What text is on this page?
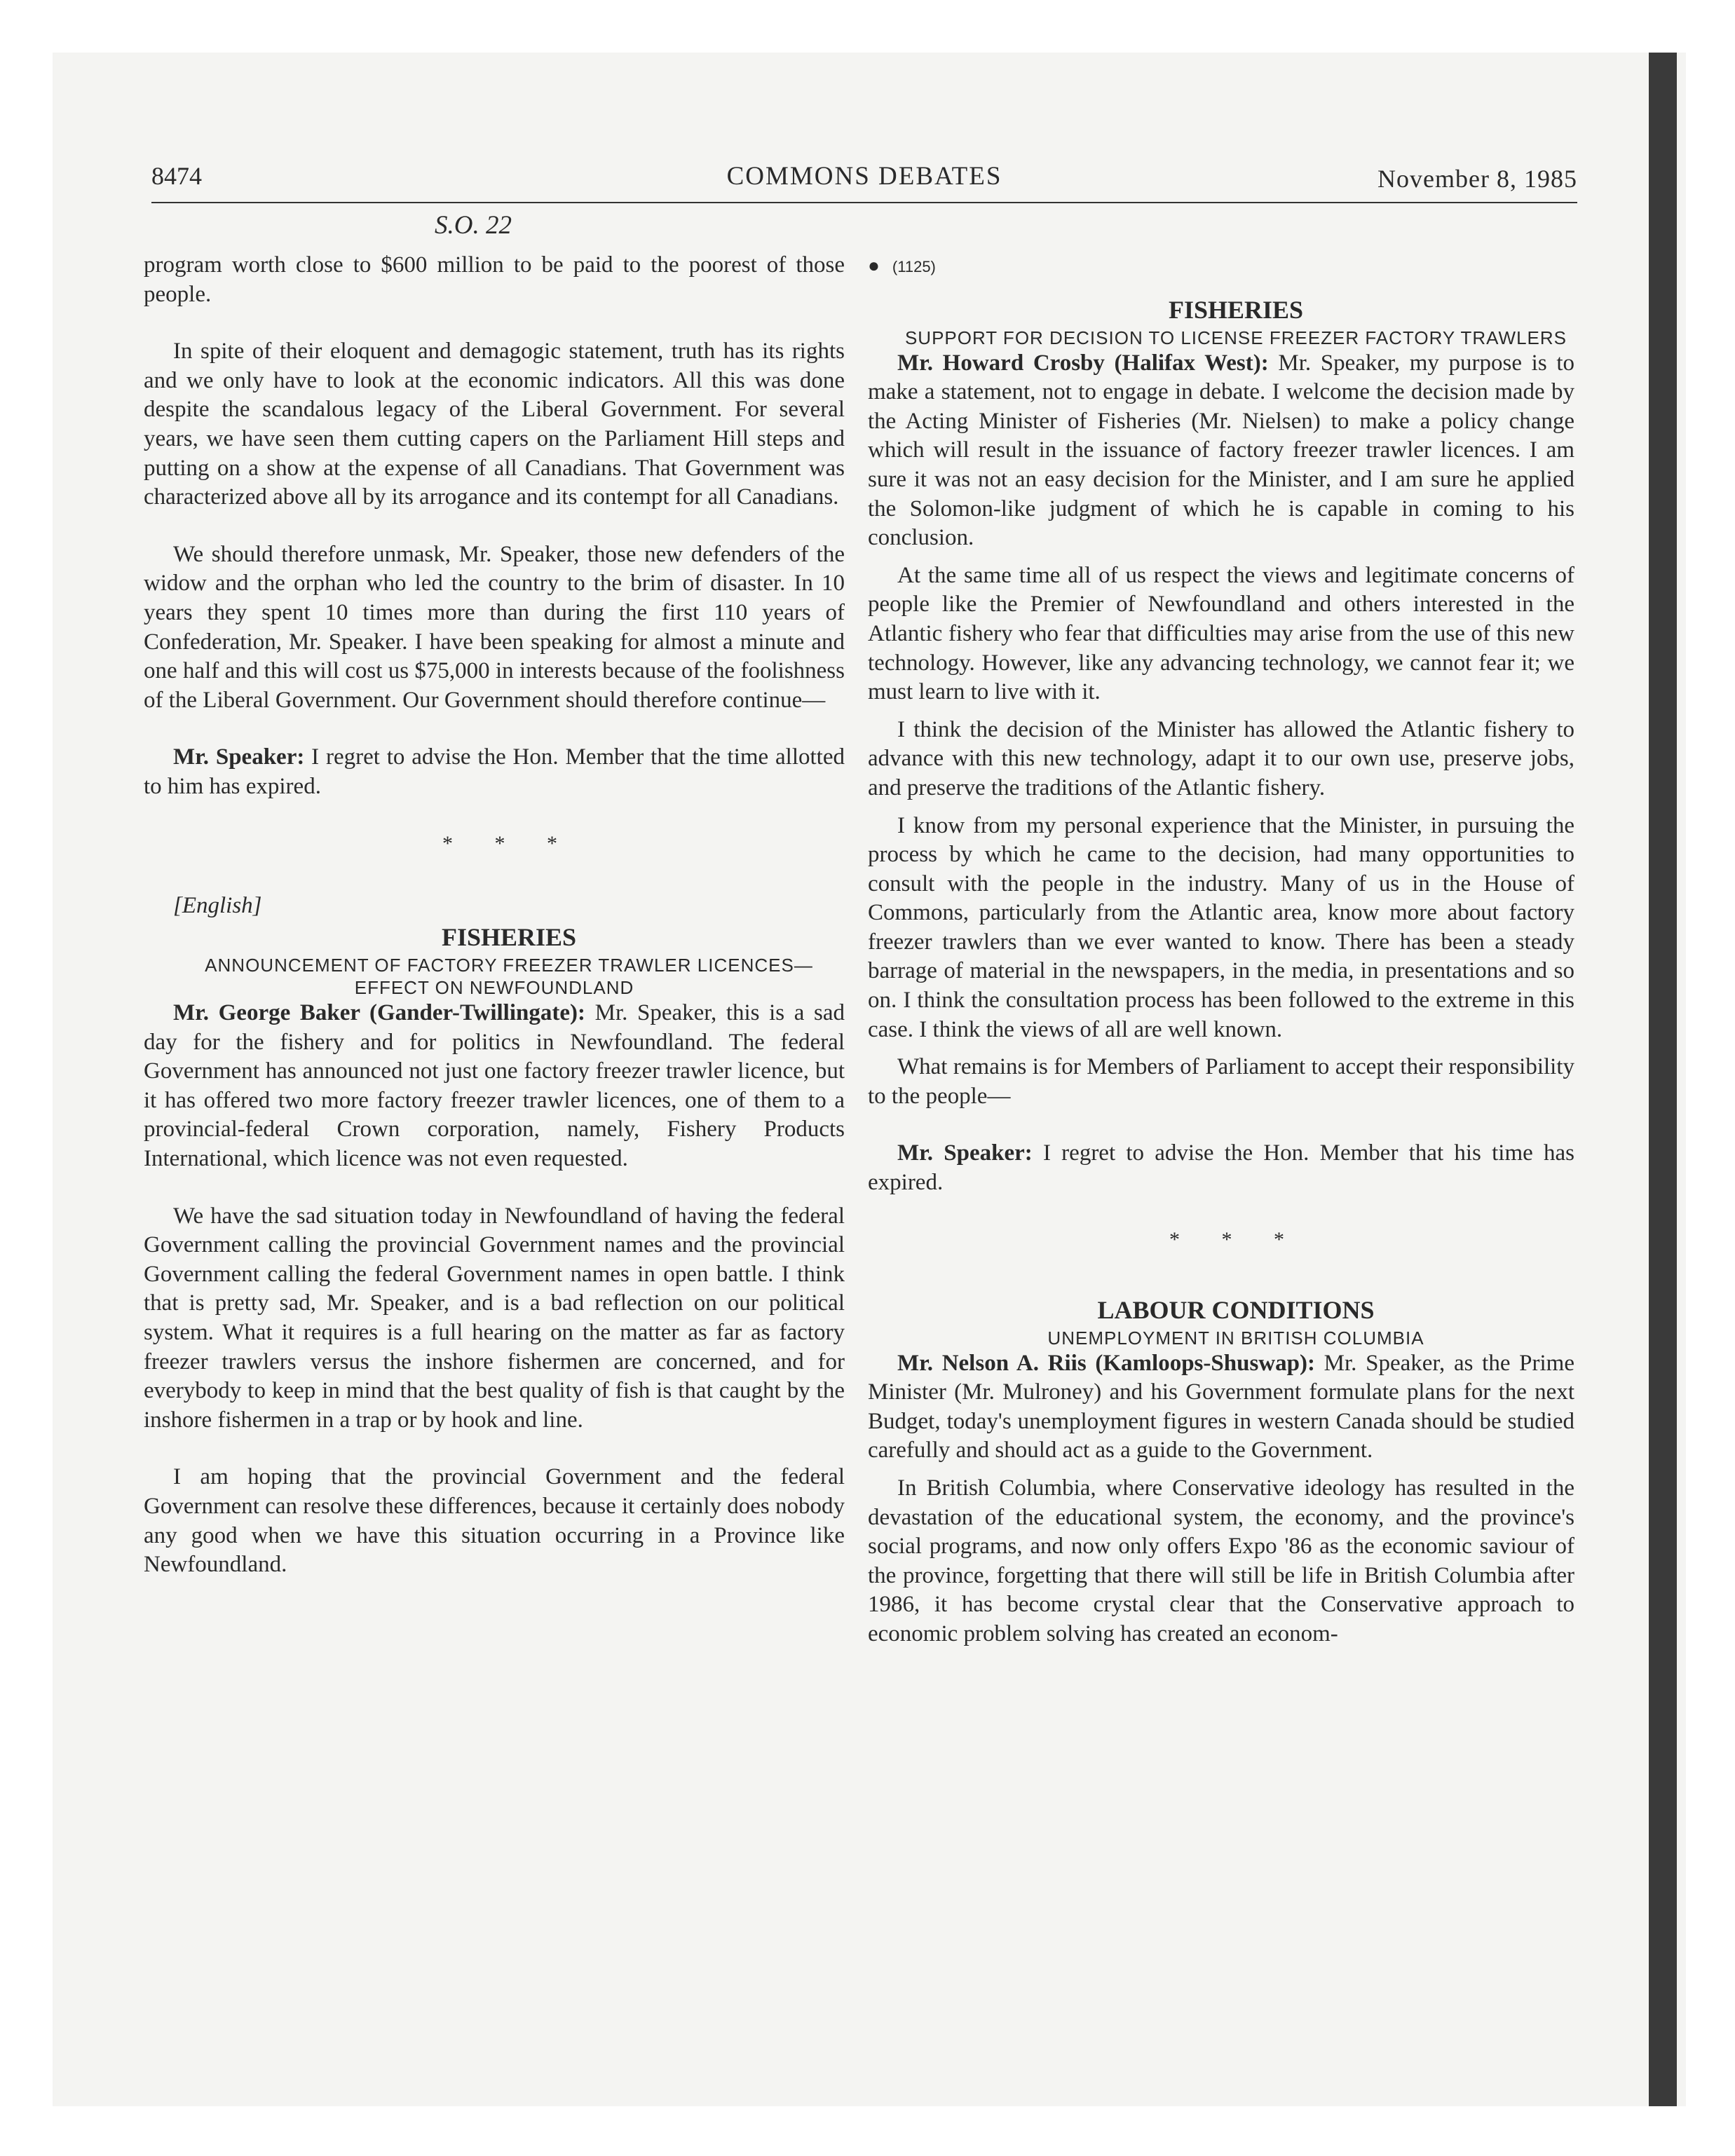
8474	COMMONS DEBATES	November 8, 1985
S.O. 22

program worth close to $600 million to be paid to the poorest of those people.

In spite of their eloquent and demagogic statement, truth has its rights and we only have to look at the economic indicators. All this was done despite the scandalous legacy of the Liberal Government. For several years, we have seen them cutting capers on the Parliament Hill steps and putting on a show at the expense of all Canadians. That Government was characterized above all by its arrogance and its contempt for all Canadians.

We should therefore unmask, Mr. Speaker, those new defenders of the widow and the orphan who led the country to the brim of disaster. In 10 years they spent 10 times more than during the first 110 years of Confederation, Mr. Speaker. I have been speaking for almost a minute and one half and this will cost us $75,000 in interests because of the foolishness of the Liberal Government. Our Government should therefore continue—

Mr. Speaker: I regret to advise the Hon. Member that the time allotted to him has expired.

* * *

[English]

FISHERIES

ANNOUNCEMENT OF FACTORY FREEZER TRAWLER LICENCES—EFFECT ON NEWFOUNDLAND

Mr. George Baker (Gander-Twillingate): Mr. Speaker, this is a sad day for the fishery and for politics in Newfoundland. The federal Government has announced not just one factory freezer trawler licence, but it has offered two more factory freezer trawler licences, one of them to a provincial-federal Crown corporation, namely, Fishery Products International, which licence was not even requested.

We have the sad situation today in Newfoundland of having the federal Government calling the provincial Government names and the provincial Government calling the federal Government names in open battle. I think that is pretty sad, Mr. Speaker, and is a bad reflection on our political system. What it requires is a full hearing on the matter as far as factory freezer trawlers versus the inshore fishermen are concerned, and for everybody to keep in mind that the best quality of fish is that caught by the inshore fishermen in a trap or by hook and line.

I am hoping that the provincial Government and the federal Government can resolve these differences, because it certainly does nobody any good when we have this situation occurring in a Province like Newfoundland.

● (1125)

FISHERIES

SUPPORT FOR DECISION TO LICENSE FREEZER FACTORY TRAWLERS

Mr. Howard Crosby (Halifax West): Mr. Speaker, my purpose is to make a statement, not to engage in debate. I welcome the decision made by the Acting Minister of Fisheries (Mr. Nielsen) to make a policy change which will result in the issuance of factory freezer trawler licences. I am sure it was not an easy decision for the Minister, and I am sure he applied the Solomon-like judgment of which he is capable in coming to his conclusion.

At the same time all of us respect the views and legitimate concerns of people like the Premier of Newfoundland and others interested in the Atlantic fishery who fear that difficulties may arise from the use of this new technology. However, like any advancing technology, we cannot fear it; we must learn to live with it.

I think the decision of the Minister has allowed the Atlantic fishery to advance with this new technology, adapt it to our own use, preserve jobs, and preserve the traditions of the Atlantic fishery.

I know from my personal experience that the Minister, in pursuing the process by which he came to the decision, had many opportunities to consult with the people in the industry. Many of us in the House of Commons, particularly from the Atlantic area, know more about factory freezer trawlers than we ever wanted to know. There has been a steady barrage of material in the newspapers, in the media, in presentations and so on. I think the consultation process has been followed to the extreme in this case. I think the views of all are well known.

What remains is for Members of Parliament to accept their responsibility to the people—

Mr. Speaker: I regret to advise the Hon. Member that his time has expired.

* * *

LABOUR CONDITIONS

UNEMPLOYMENT IN BRITISH COLUMBIA

Mr. Nelson A. Riis (Kamloops-Shuswap): Mr. Speaker, as the Prime Minister (Mr. Mulroney) and his Government formulate plans for the next Budget, today's unemployment figures in western Canada should be studied carefully and should act as a guide to the Government.

In British Columbia, where Conservative ideology has resulted in the devastation of the educational system, the economy, and the province's social programs, and now only offers Expo '86 as the economic saviour of the province, forgetting that there will still be life in British Columbia after 1986, it has become crystal clear that the Conservative approach to economic problem solving has created an econom-
